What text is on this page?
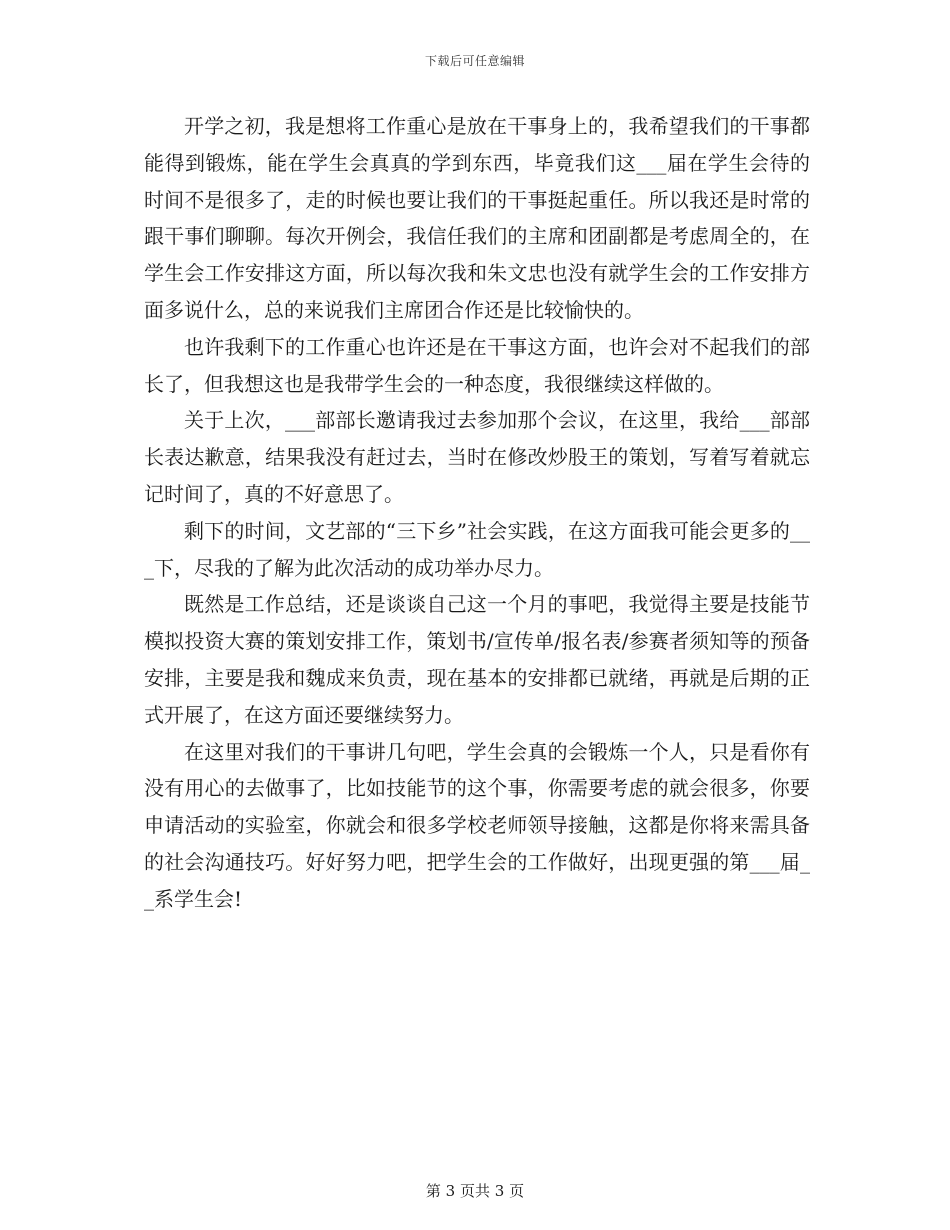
下载后可任意编辑

开学之初，我是想将工作重心是放在干事身上的，我希望我们的干事都能得到锻炼，能在学生会真真的学到东西，毕竟我们这___届在学生会待的时间不是很多了，走的时候也要让我们的干事挺起重任。所以我还是时常的跟干事们聊聊。每次开例会，我信任我们的主席和团副都是考虑周全的，在学生会工作安排这方面，所以每次我和朱文忠也没有就学生会的工作安排方面多说什么，总的来说我们主席团合作还是比较愉快的。

也许我剩下的工作重心也许还是在干事这方面，也许会对不起我们的部长了，但我想这也是我带学生会的一种态度，我很继续这样做的。

关于上次，___部部长邀请我过去参加那个会议，在这里，我给___部部长表达歉意，结果我没有赶过去，当时在修改炒股王的策划，写着写着就忘记时间了，真的不好意思了。

剩下的时间，文艺部的“三下乡”社会实践，在这方面我可能会更多的___下，尽我的了解为此次活动的成功举办尽力。

既然是工作总结，还是谈谈自己这一个月的事吧，我觉得主要是技能节模拟投资大赛的策划安排工作，策划书/宣传单/报名表/参赛者须知等的预备安排，主要是我和魏成来负责，现在基本的安排都已就绪，再就是后期的正式开展了，在这方面还要继续努力。

在这里对我们的干事讲几句吧，学生会真的会锻炼一个人，只是看你有没有用心的去做事了，比如技能节的这个事，你需要考虑的就会很多，你要申请活动的实验室，你就会和很多学校老师领导接触，这都是你将来需具备的社会沟通技巧。好好努力吧，把学生会的工作做好，出现更强的第___届__系学生会!

第 3 页共 3 页
